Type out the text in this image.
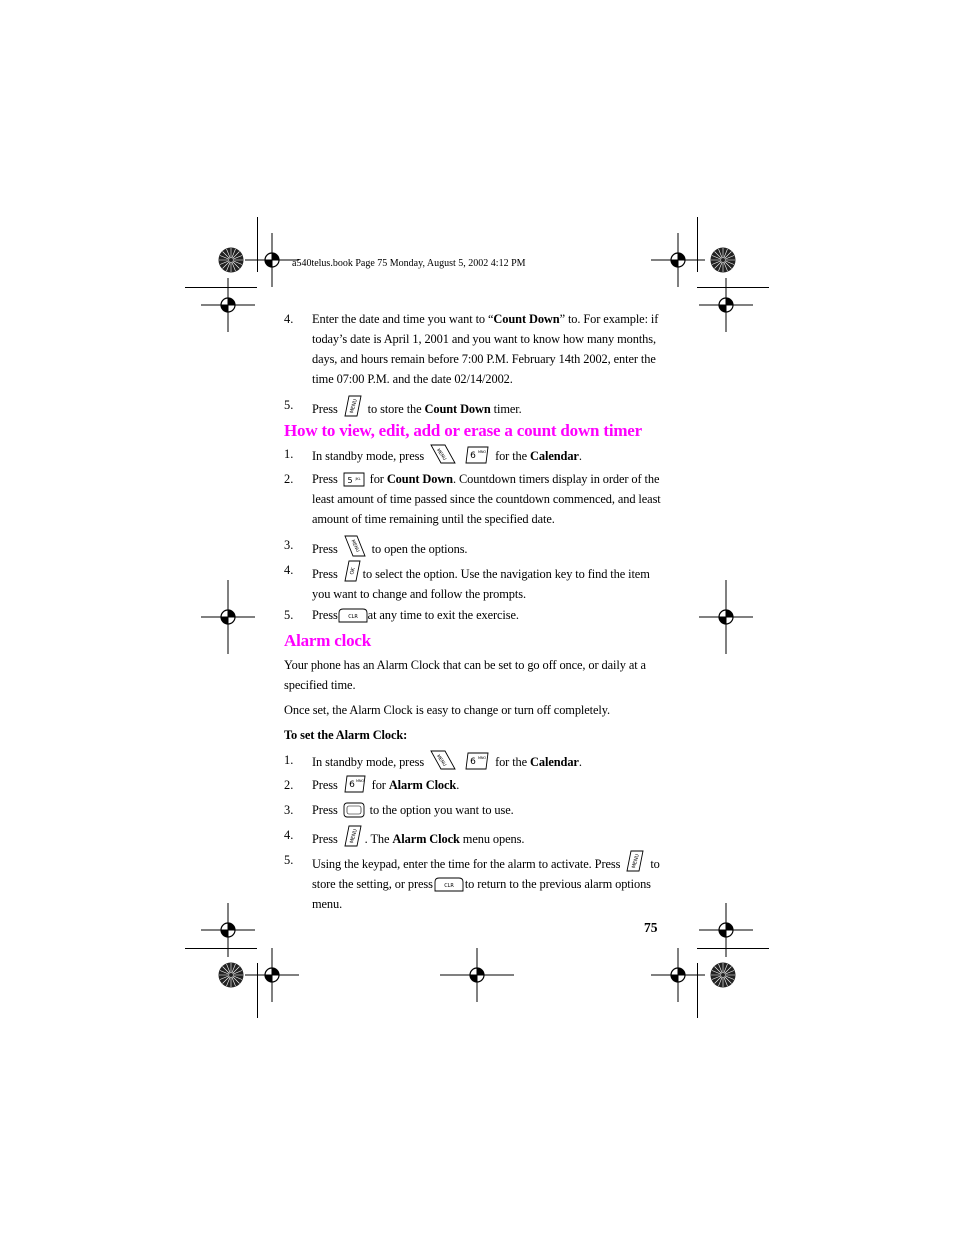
a540telus.book Page 75 Monday, August 5, 2002 4:12 PM
4. Enter the date and time you want to “Count Down” to. For example: if today’s date is April 1, 2001 and you want to know how many months, days, and hours remain before 7:00 P.M. February 14th 2002, enter the time 07:00 P.M. and the date 02/14/2002.
5. Press MENU to store the Count Down timer.
How to view, edit, add or erase a count down timer
1. In standby mode, press MENU
	6 MNO for the Calendar.
2. Press 5 JKL for Count Down. Countdown timers display in order of the least amount of time passed since the countdown commenced, and least amount of time remaining until the specified date.
3. Press	MENU to open the options.
4. Press OK to select the option. Use the navigation key to find the item you want to change and follow the prompts.
5. Press CLR at any time to exit the exercise.
Alarm clock
Your phone has an Alarm Clock that can be set to go off once, or daily at a specified time.
Once set, the Alarm Clock is easy to change or turn off completely.
To set the Alarm Clock:
1. In standby mode, press MENU
	6 MNO for the Calendar.
2. Press 6 MNO for Alarm Clock.
3. Press	to the option you want to use.
4. Press MENU . The Alarm Clock menu opens.
5. Using the keypad, enter the time for the alarm to activate. Press MENU to store the setting, or press CLR to return to the previous alarm options menu.
75
